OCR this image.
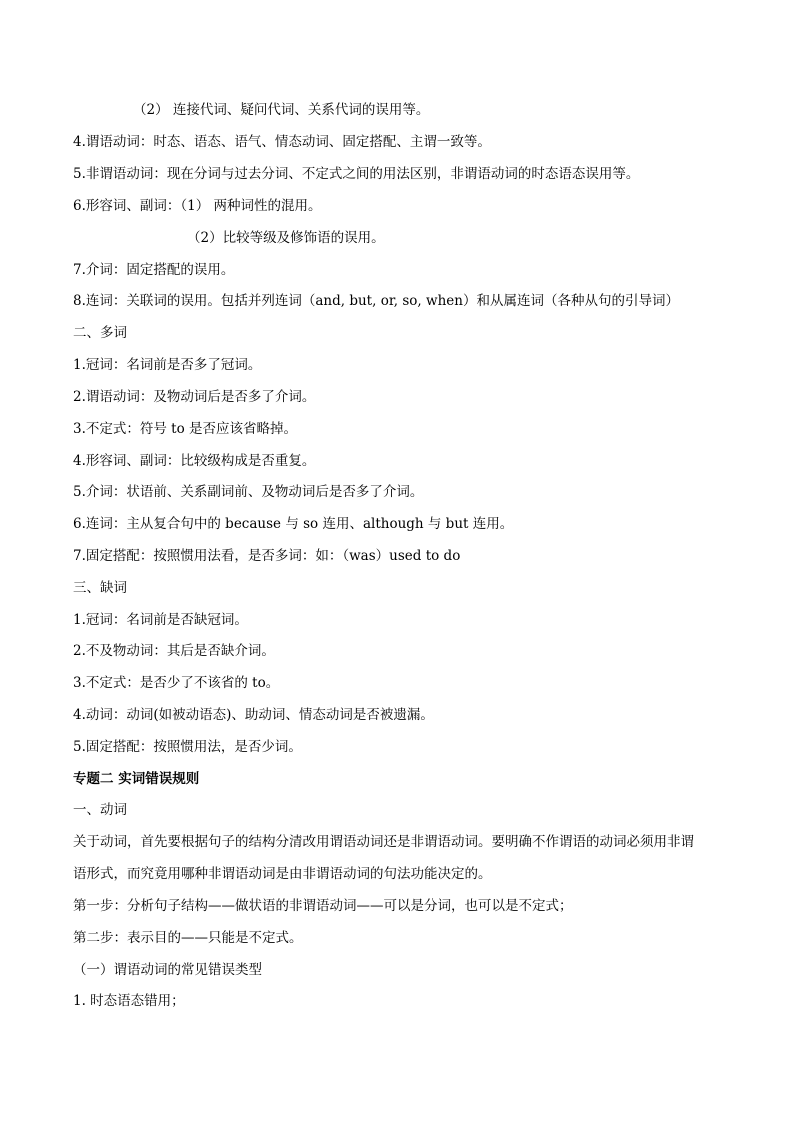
（2） 连接代词、疑问代词、关系代词的误用等。
4.谓语动词：时态、语态、语气、情态动词、固定搭配、主谓一致等。
5.非谓语动词：现在分词与过去分词、不定式之间的用法区别，非谓语动词的时态语态误用等。
6.形容词、副词：（1） 两种词性的混用。
（2）比较等级及修饰语的误用。
7.介词：固定搭配的误用。
8.连词：关联词的误用。包括并列连词（and, but, or, so, when）和从属连词（各种从句的引导词）
二、多词
1.冠词：名词前是否多了冠词。
2.谓语动词：及物动词后是否多了介词。
3.不定式：符号 to 是否应该省略掉。
4.形容词、副词：比较级构成是否重复。
5.介词：状语前、关系副词前、及物动词后是否多了介词。
6.连词：主从复合句中的 because 与 so 连用、although 与 but 连用。
7.固定搭配：按照惯用法看，是否多词：如：（was）used to do
三、缺词
1.冠词：名词前是否缺冠词。
2.不及物动词：其后是否缺介词。
3.不定式：是否少了不该省的 to。
4.动词：动词(如被动语态)、助动词、情态动词是否被遗漏。
5.固定搭配：按照惯用法，是否少词。
专题二 实词错误规则
一、动词
关于动词，首先要根据句子的结构分清改用谓语动词还是非谓语动词。要明确不作谓语的动词必须用非谓
语形式，而究竟用哪种非谓语动词是由非谓语动词的句法功能决定的。
第一步：分析句子结构——做状语的非谓语动词——可以是分词，也可以是不定式；
第二步：表示目的——只能是不定式。
（一）谓语动词的常见错误类型
1. 时态语态错用；
